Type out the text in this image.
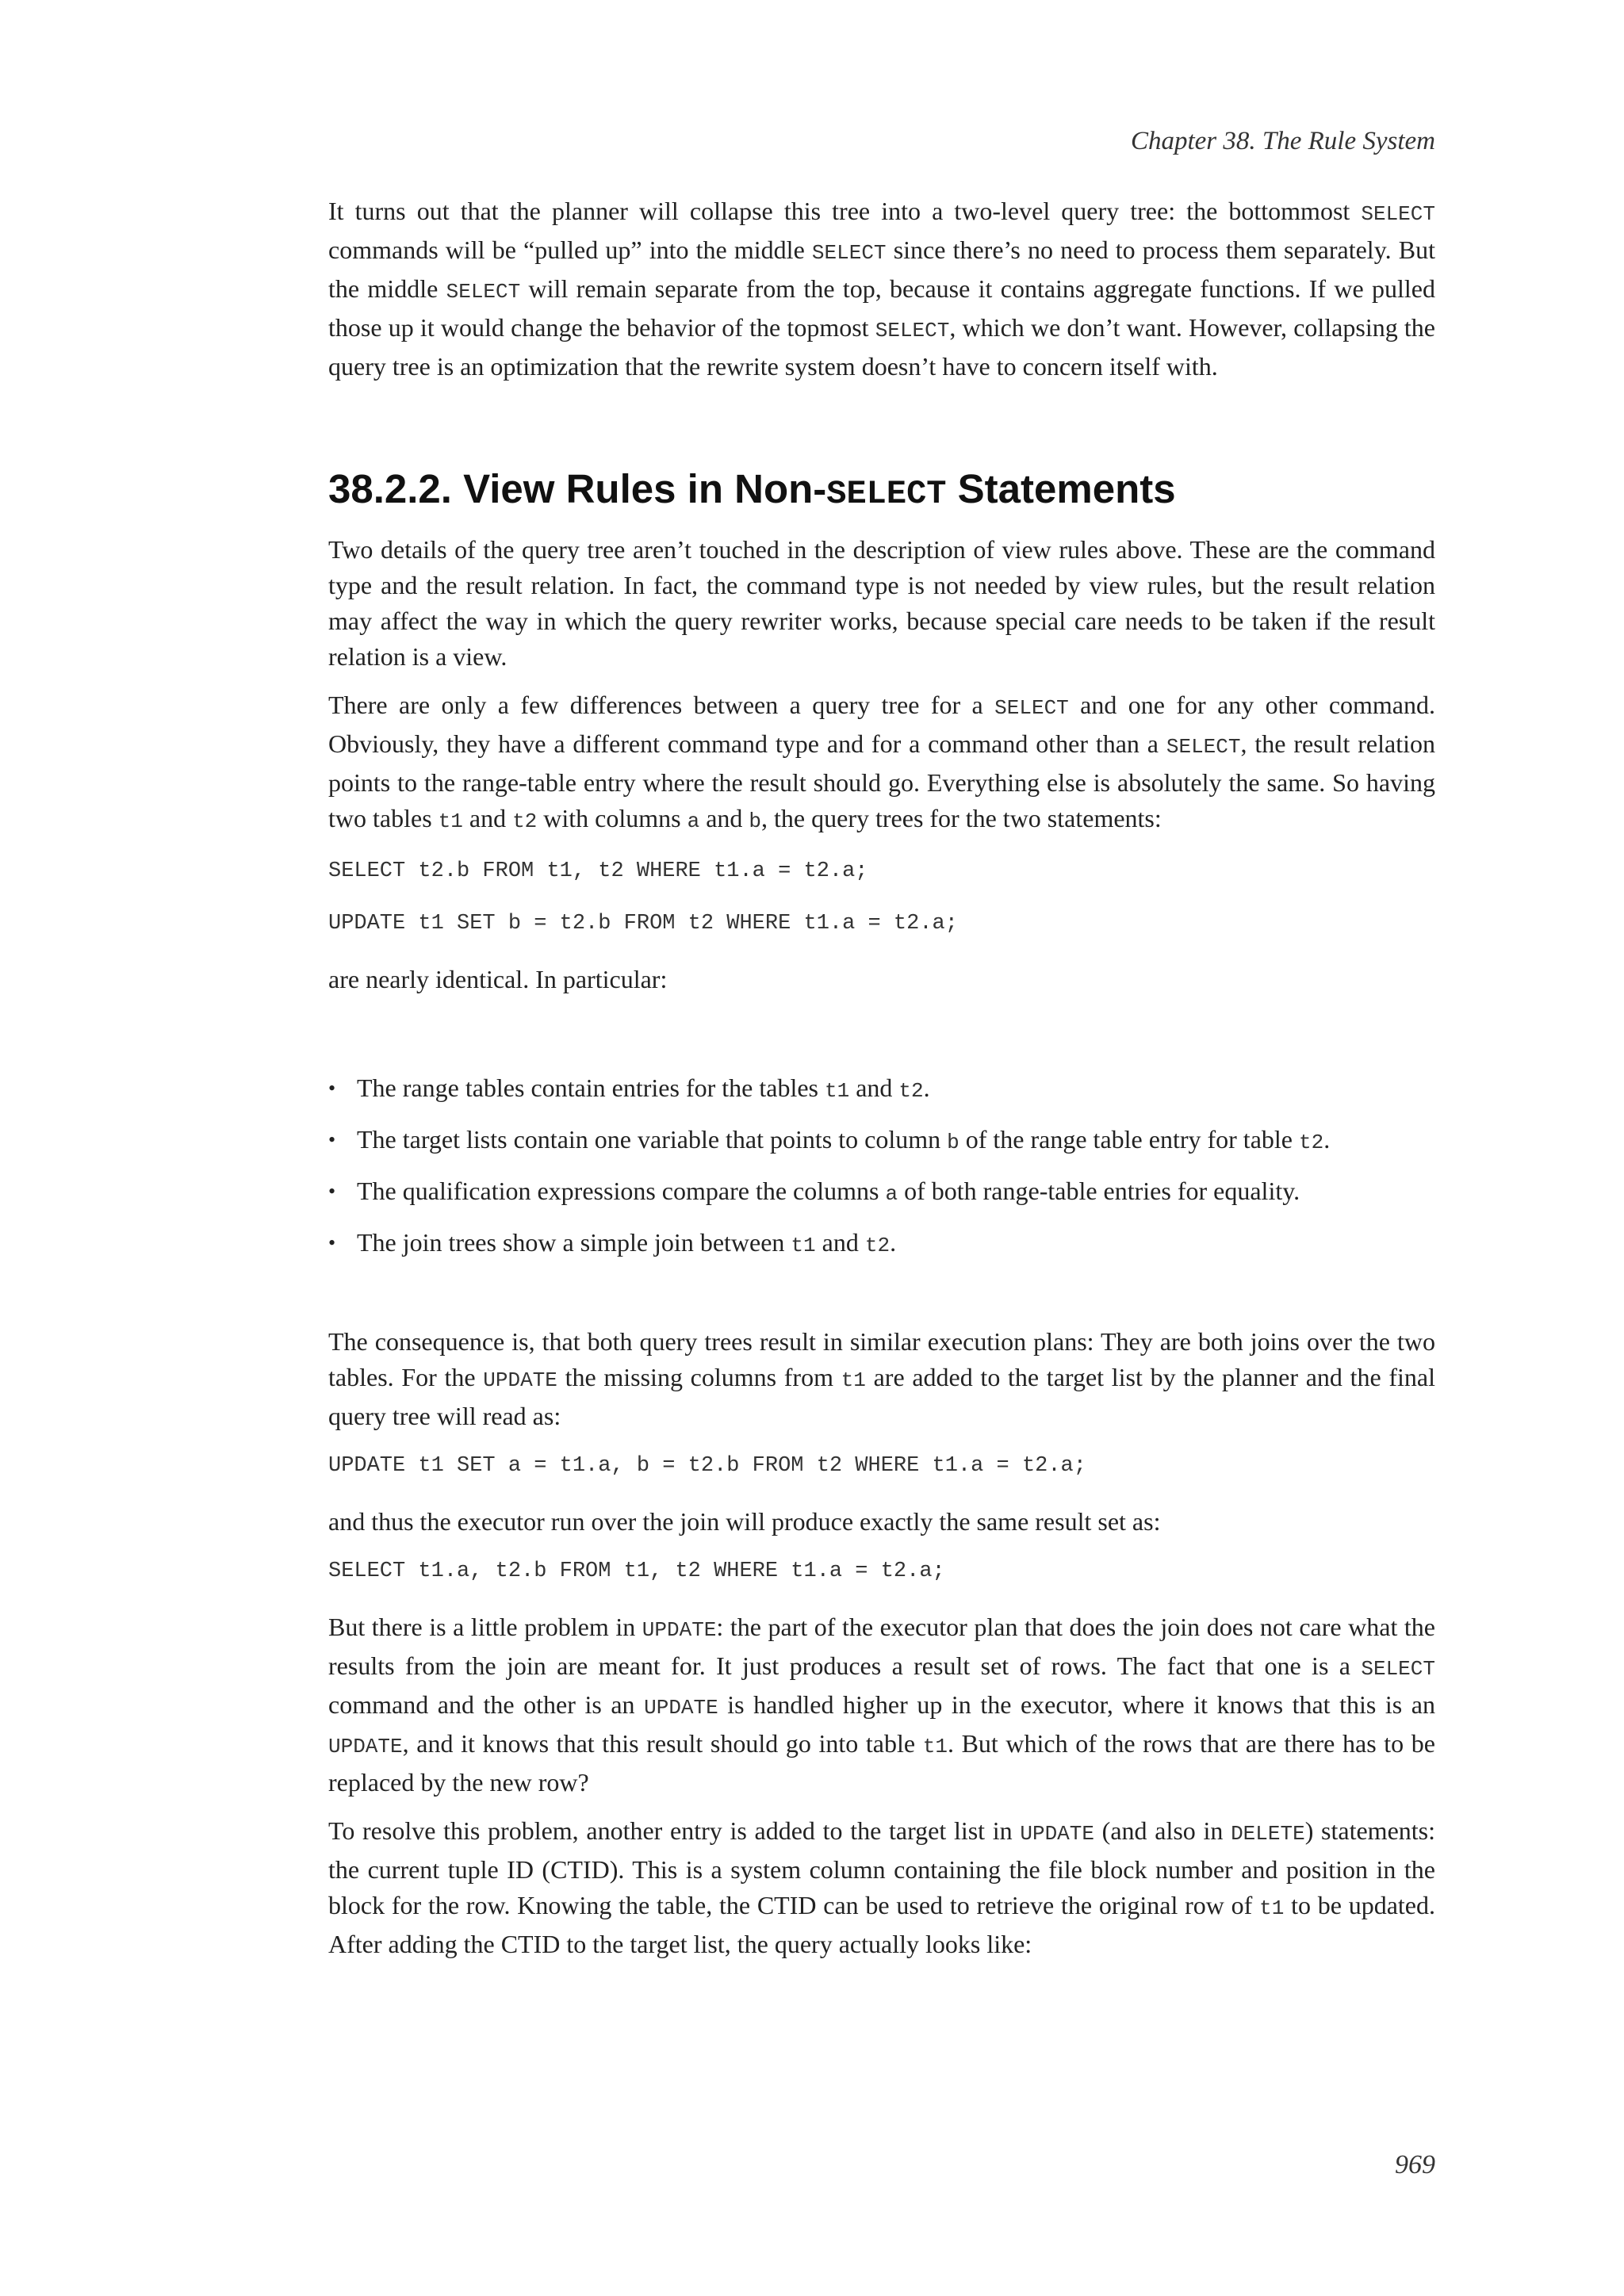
Chapter 38. The Rule System

It turns out that the planner will collapse this tree into a two-level query tree: the bottommost SELECT commands will be “pulled up” into the middle SELECT since there’s no need to process them separately. But the middle SELECT will remain separate from the top, because it contains aggregate functions. If we pulled those up it would change the behavior of the topmost SELECT, which we don’t want. However, collapsing the query tree is an optimization that the rewrite system doesn’t have to concern itself with.

38.2.2. View Rules in Non-SELECT Statements

Two details of the query tree aren’t touched in the description of view rules above. These are the command type and the result relation. In fact, the command type is not needed by view rules, but the result relation may affect the way in which the query rewriter works, because special care needs to be taken if the result relation is a view.

There are only a few differences between a query tree for a SELECT and one for any other command. Obviously, they have a different command type and for a command other than a SELECT, the result relation points to the range-table entry where the result should go. Everything else is absolutely the same. So having two tables t1 and t2 with columns a and b, the query trees for the two statements:

SELECT t2.b FROM t1, t2 WHERE t1.a = t2.a;
UPDATE t1 SET b = t2.b FROM t2 WHERE t1.a = t2.a;

are nearly identical. In particular:

• The range tables contain entries for the tables t1 and t2.
• The target lists contain one variable that points to column b of the range table entry for table t2.
• The qualification expressions compare the columns a of both range-table entries for equality.
• The join trees show a simple join between t1 and t2.

The consequence is, that both query trees result in similar execution plans: They are both joins over the two tables. For the UPDATE the missing columns from t1 are added to the target list by the planner and the final query tree will read as:

UPDATE t1 SET a = t1.a, b = t2.b FROM t2 WHERE t1.a = t2.a;

and thus the executor run over the join will produce exactly the same result set as:

SELECT t1.a, t2.b FROM t1, t2 WHERE t1.a = t2.a;

But there is a little problem in UPDATE: the part of the executor plan that does the join does not care what the results from the join are meant for. It just produces a result set of rows. The fact that one is a SELECT command and the other is an UPDATE is handled higher up in the executor, where it knows that this is an UPDATE, and it knows that this result should go into table t1. But which of the rows that are there has to be replaced by the new row?

To resolve this problem, another entry is added to the target list in UPDATE (and also in DELETE) statements: the current tuple ID (CTID). This is a system column containing the file block number and position in the block for the row. Knowing the table, the CTID can be used to retrieve the original row of t1 to be updated. After adding the CTID to the target list, the query actually looks like:

969
